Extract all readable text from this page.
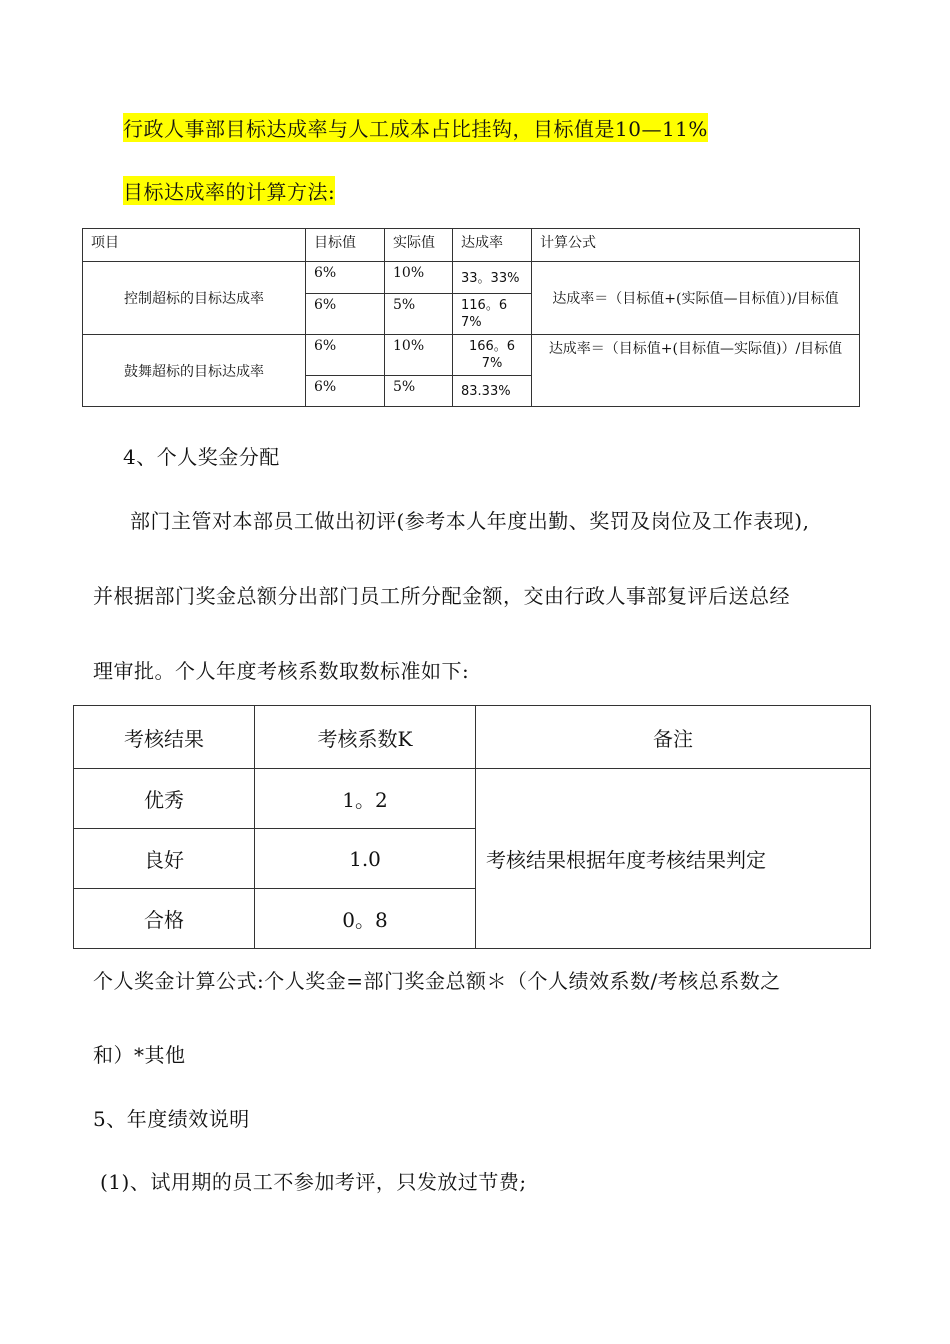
行政人事部目标达成率与人工成本占比挂钩，目标值是10—11%
目标达成率的计算方法:
项目	目标值	实际值	达成率	计算公式
控制超标的目标达成率	6%	10%	33。33%	达成率＝（目标值+(实际值—目标值）)/目标值
	6%	5%	116。67%	
鼓舞超标的目标达成率	6%	10%	166。67%	达成率＝（目标值+(目标值—实际值)）/目标值
	6%	5%	83.33%	
4、个人奖金分配
部门主管对本部员工做出初评(参考本人年度出勤、奖罚及岗位及工作表现),
并根据部门奖金总额分出部门员工所分配金额，交由行政人事部复评后送总经
理审批。个人年度考核系数取数标准如下:
考核结果	考核系数K	备注
优秀	1。2	考核结果根据年度考核结果判定
良好	1.0	
合格	0。8	
个人奖金计算公式:个人奖金=部门奖金总额＊（个人绩效系数/考核总系数之
和）*其他
5、年度绩效说明
(1)、试用期的员工不参加考评，只发放过节费;
